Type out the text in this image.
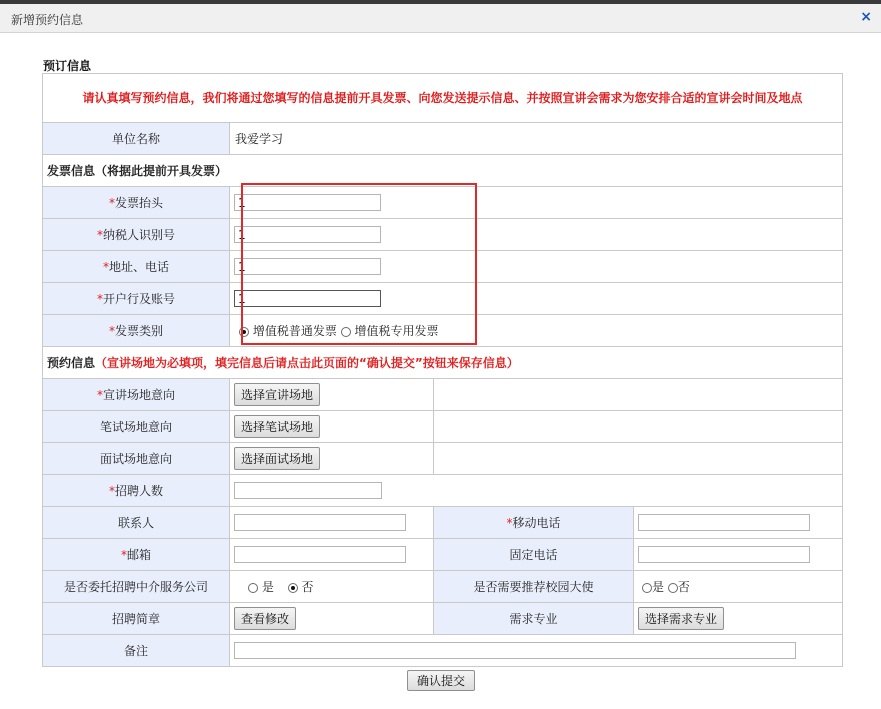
新增预约信息	×
预订信息
请认真填写预约信息，我们将通过您填写的信息提前开具发票、向您发送提示信息、并按照宣讲会需求为您安排合适的宣讲会时间及地点			
单位名称	我爱学习		
发票信息（将据此提前开具发票）			
*发票抬头	1
*纳税人识别号	1
*地址、电话	1
*开户行及账号	1
*发票类别	增值税普通发票 增值税专用发票		
预约信息（宣讲场地为必填项，填完信息后请点击此页面的“确认提交”按钮来保存信息）			
*宣讲场地意向	选择宣讲场地		
笔试场地意向	选择笔试场地		
面试场地意向	选择面试场地		
*招聘人数	
联系人		*移动电话	
*邮箱		固定电话	
是否委托招聘中介服务公司	是 否	是否需要推荐校园大使	是 否
招聘简章	查看修改	需求专业	选择需求专业
备注	
确认提交
